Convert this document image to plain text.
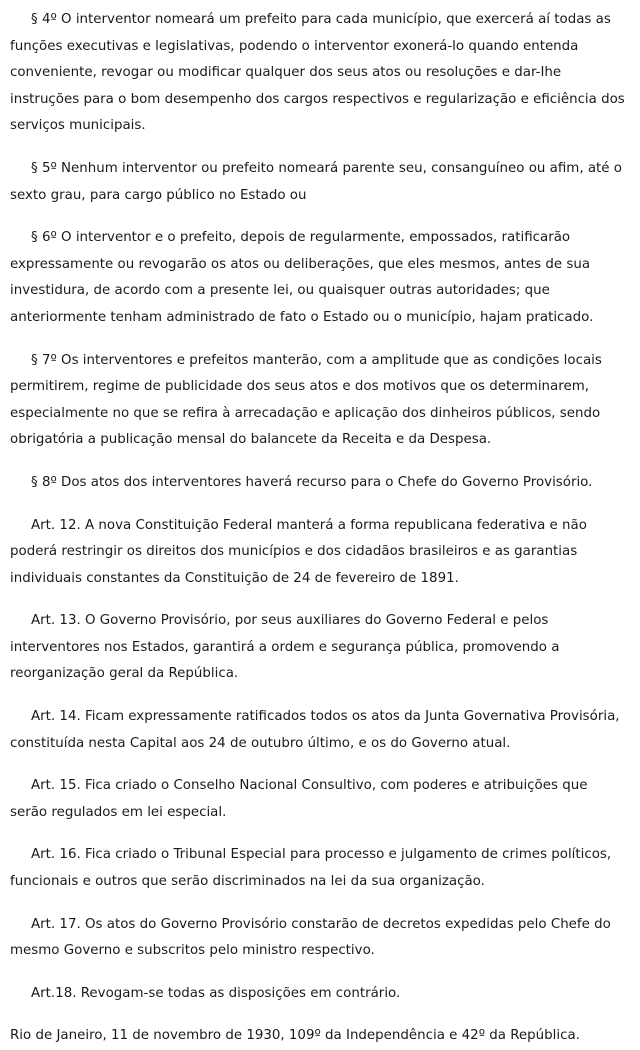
§ 4º O interventor nomeará um prefeito para cada município, que exercerá aí todas as
funções executivas e legislativas, podendo o interventor exonerá-lo quando entenda
conveniente, revogar ou modificar qualquer dos seus atos ou resoluções e dar-Ihe
instruções para o bom desempenho dos cargos respectivos e regularização e eficiência dos
serviços municipais.

§ 5º Nenhum interventor ou prefeito nomeará parente seu, consanguíneo ou afim, até o
sexto grau, para cargo público no Estado ou

§ 6º O interventor e o prefeito, depois de regularmente, empossados, ratificarão
expressamente ou revogarão os atos ou deliberações, que eles mesmos, antes de sua
investidura, de acordo com a presente lei, ou quaisquer outras autoridades; que
anteriormente tenham administrado de fato o Estado ou o município, hajam praticado.

§ 7º Os interventores e prefeitos manterão, com a amplitude que as condições locais
permitirem, regime de publicidade dos seus atos e dos motivos que os determinarem,
especialmente no que se refira à arrecadação e aplicação dos dinheiros públicos, sendo
obrigatória a publicação mensal do balancete da Receita e da Despesa.

§ 8º Dos atos dos interventores haverá recurso para o Chefe do Governo Provisório.

Art. 12. A nova Constituição Federal manterá a forma republicana federativa e não
poderá restringir os direitos dos municípios e dos cidadãos brasileiros e as garantias
individuais constantes da Constituição de 24 de fevereiro de 1891.

Art. 13. O Governo Provisório, por seus auxiliares do Governo Federal e pelos
interventores nos Estados, garantirá a ordem e segurança pública, promovendo a
reorganização geral da República.

Art. 14. Ficam expressamente ratificados todos os atos da Junta Governativa Provisória,
constituída nesta Capital aos 24 de outubro último, e os do Governo atual.

Art. 15. Fica criado o Conselho Nacional Consultivo, com poderes e atribuições que
serão regulados em lei especial.

Art. 16. Fica criado o Tribunal Especial para processo e julgamento de crimes políticos,
funcionais e outros que serão discriminados na lei da sua organização.

Art. 17. Os atos do Governo Provisório constarão de decretos expedidas pelo Chefe do
mesmo Governo e subscritos pelo ministro respectivo.

Art.18. Revogam-se todas as disposições em contrário.

Rio de Janeiro, 11 de novembro de 1930, 109º da Independência e 42º da República.
